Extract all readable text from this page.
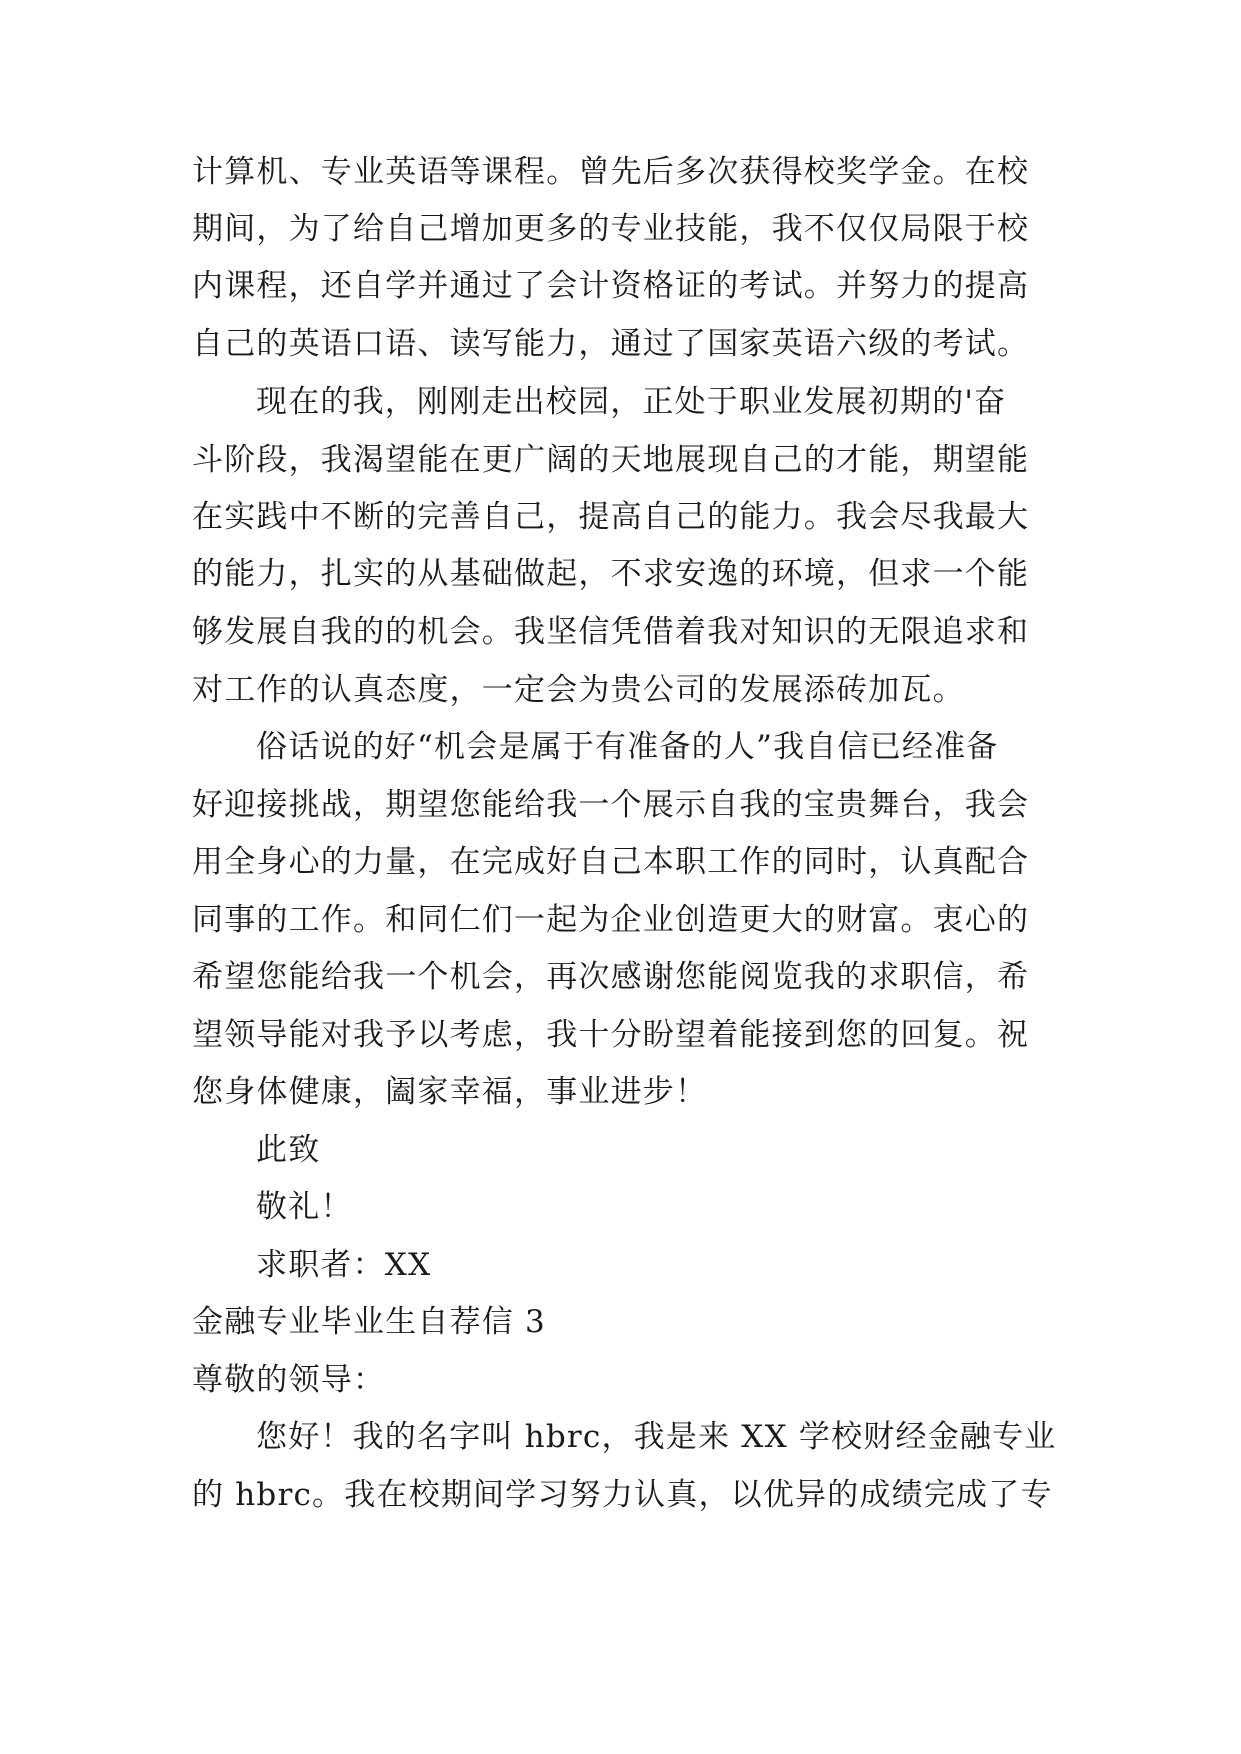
计算机、专业英语等课程。曾先后多次获得校奖学金。在校
期间，为了给自己增加更多的专业技能，我不仅仅局限于校
内课程，还自学并通过了会计资格证的考试。并努力的提高
自己的英语口语、读写能力，通过了国家英语六级的考试。
现在的我，刚刚走出校园，正处于职业发展初期的'奋
斗阶段，我渴望能在更广阔的天地展现自己的才能，期望能
在实践中不断的完善自己，提高自己的能力。我会尽我最大
的能力，扎实的从基础做起，不求安逸的环境，但求一个能
够发展自我的的机会。我坚信凭借着我对知识的无限追求和
对工作的认真态度，一定会为贵公司的发展添砖加瓦。
俗话说的好“机会是属于有准备的人”我自信已经准备
好迎接挑战，期望您能给我一个展示自我的宝贵舞台，我会
用全身心的力量，在完成好自己本职工作的同时，认真配合
同事的工作。和同仁们一起为企业创造更大的财富。衷心的
希望您能给我一个机会，再次感谢您能阅览我的求职信，希
望领导能对我予以考虑，我十分盼望着能接到您的回复。祝
您身体健康，阖家幸福，事业进步！
此致
敬礼！
求职者：XX
金融专业毕业生自荐信 3
尊敬的领导：
您好！我的名字叫 hbrc，我是来 XX 学校财经金融专业
的 hbrc。我在校期间学习努力认真，以优异的成绩完成了专
